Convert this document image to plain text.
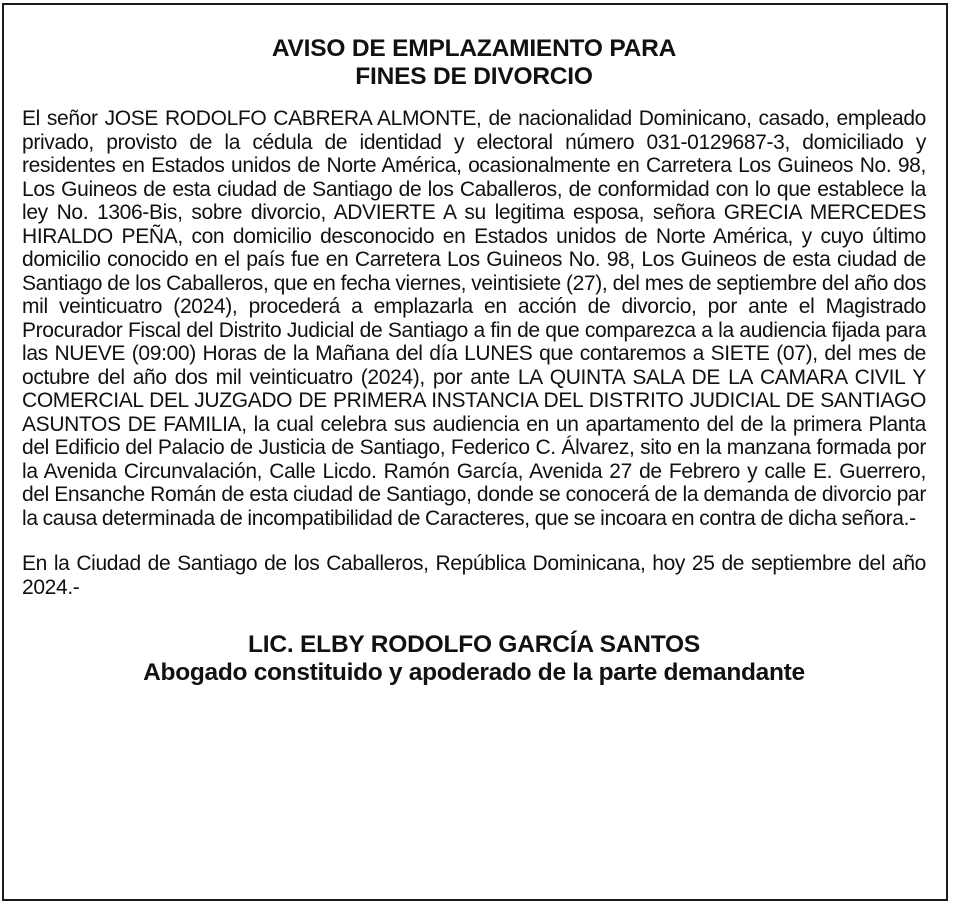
AVISO DE EMPLAZAMIENTO PARA
FINES DE DIVORCIO

El señor JOSE RODOLFO CABRERA ALMONTE, de nacionalidad Dominicano, casado, empleado privado, provisto de la cédula de identidad y electoral número 031-0129687-3, domiciliado y residentes en Estados unidos de Norte América, ocasionalmente en Carretera Los Guineos No. 98, Los Guineos de esta ciudad de Santiago de los Caballeros, de conformidad con lo que establece la ley No. 1306-Bis, sobre divorcio, ADVIERTE A su legitima esposa, señora GRECIA MERCEDES HIRALDO PEÑA, con domicilio desconocido en Estados unidos de Norte América, y cuyo último domicilio conocido en el país fue en Carretera Los Guineos No. 98, Los Guineos de esta ciudad de Santiago de los Caballeros, que en fecha viernes, veintisiete (27), del mes de septiembre del año dos mil veinticuatro (2024), procederá a emplazarla en acción de divorcio, por ante el Magistrado Procurador Fiscal del Distrito Judicial de Santiago a fin de que comparezca a la audiencia fijada para las NUEVE (09:00) Horas de la Mañana del día LUNES que contaremos a SIETE (07), del mes de octubre del año dos mil veinticuatro (2024), por ante LA QUINTA SALA DE LA CAMARA CIVIL Y COMERCIAL DEL JUZGADO DE PRIMERA INSTANCIA DEL DISTRITO JUDICIAL DE SANTIAGO ASUNTOS DE FAMILIA, la cual celebra sus audiencia en un apartamento del de la primera Planta del Edificio del Palacio de Justicia de Santiago, Federico C. Álvarez, sito en la manzana formada por la Avenida Circunvalación, Calle Licdo. Ramón García, Avenida 27 de Febrero y calle E. Guerrero, del Ensanche Román de esta ciudad de Santiago, donde se conocerá de la demanda de divorcio par la causa determinada de incompatibilidad de Caracteres, que se incoara en contra de dicha señora.-

En la Ciudad de Santiago de los Caballeros, República Dominicana, hoy 25 de septiembre del año 2024.-

LIC. ELBY RODOLFO GARCÍA SANTOS
Abogado constituido y apoderado de la parte demandante
